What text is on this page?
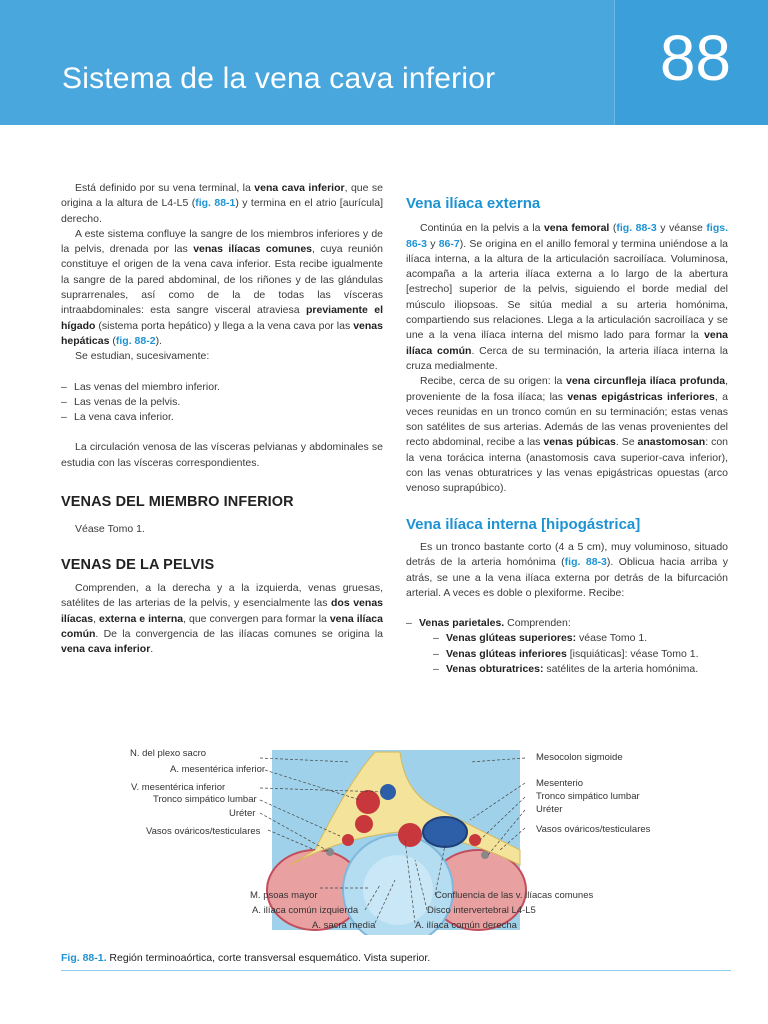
Sistema de la vena cava inferior	88

Está definido por su vena terminal, la vena cava inferior, que se origina a la altura de L4-L5 (fig. 88-1) y termina en el atrio [aurícula] derecho.

A este sistema confluye la sangre de los miembros inferiores y de la pelvis, drenada por las venas ilíacas comunes, cuya reunión constituye el origen de la vena cava inferior. Esta recibe igualmente la sangre de la pared abdominal, de los riñones y de las glándulas suprarrenales, así como de la de todas las vísceras intraabdominales: esta sangre visceral atraviesa previamente el hígado (sistema porta hepático) y llega a la vena cava por las venas hepáticas (fig. 88-2).

Se estudian, sucesivamente:

– Las venas del miembro inferior.
– Las venas de la pelvis.
– La vena cava inferior.

La circulación venosa de las vísceras pelvianas y abdominales se estudia con las vísceras correspondientes.

VENAS DEL MIEMBRO INFERIOR

Véase Tomo 1.

VENAS DE LA PELVIS

Comprenden, a la derecha y a la izquierda, venas gruesas, satélites de las arterias de la pelvis, y esencialmente las dos venas ilíacas, externa e interna, que convergen para formar la vena ilíaca común. De la convergencia de las ilíacas comunes se origina la vena cava inferior.

Vena ilíaca externa

Continúa en la pelvis a la vena femoral (fig. 88-3 y véanse figs. 86-3 y 86-7). Se origina en el anillo femoral y termina uniéndose a la ilíaca interna, a la altura de la articulación sacroilíaca. Voluminosa, acompaña a la arteria ilíaca externa a lo largo de la abertura [estrecho] superior de la pelvis, siguiendo el borde medial del músculo iliopsoas. Se sitúa medial a su arteria homónima, compartiendo sus relaciones. Llega a la articulación sacroilíaca y se une a la vena ilíaca interna del mismo lado para formar la vena ilíaca común. Cerca de su terminación, la arteria ilíaca interna la cruza medialmente.

Recibe, cerca de su origen: la vena circunfleja ilíaca profunda, proveniente de la fosa ilíaca; las venas epigástricas inferiores, a veces reunidas en un tronco común en su terminación; estas venas son satélites de sus arterias. Además de las venas provenientes del recto abdominal, recibe a las venas púbicas. Se anastomosan: con la vena torácica interna (anastomosis cava superior-cava inferior), con las venas obturatrices y las venas epigástricas opuestas (arco venoso suprapúbico).

Vena ilíaca interna [hipogástrica]

Es un tronco bastante corto (4 a 5 cm), muy voluminoso, situado detrás de la arteria homónima (fig. 88-3). Oblicua hacia arriba y atrás, se une a la vena ilíaca externa por detrás de la bifurcación arterial. A veces es doble o plexiforme. Recibe:

– Venas parietales. Comprenden:
– Venas glúteas superiores: véase Tomo 1.
– Venas glúteas inferiores [isquiáticas]: véase Tomo 1.
– Venas obturatrices: satélites de la arteria homónima.
N. del plexo sacro
A. mesentérica inferior
V. mesentérica inferior
Tronco simpático lumbar
Uréter
Vasos ováricos/testiculares
Mesocolon sigmoide
Mesenterio
Tronco simpático lumbar
Uréter
Vasos ováricos/testiculares
M. psoas mayor
A. ilíaca común izquierda
A. sacra media
Confluencia de las v. ilíacas comunes
Disco intervertebral L4-L5
A. ilíaca común derecha
Fig. 88-1. Región terminoaórtica, corte transversal esquemático. Vista superior.
